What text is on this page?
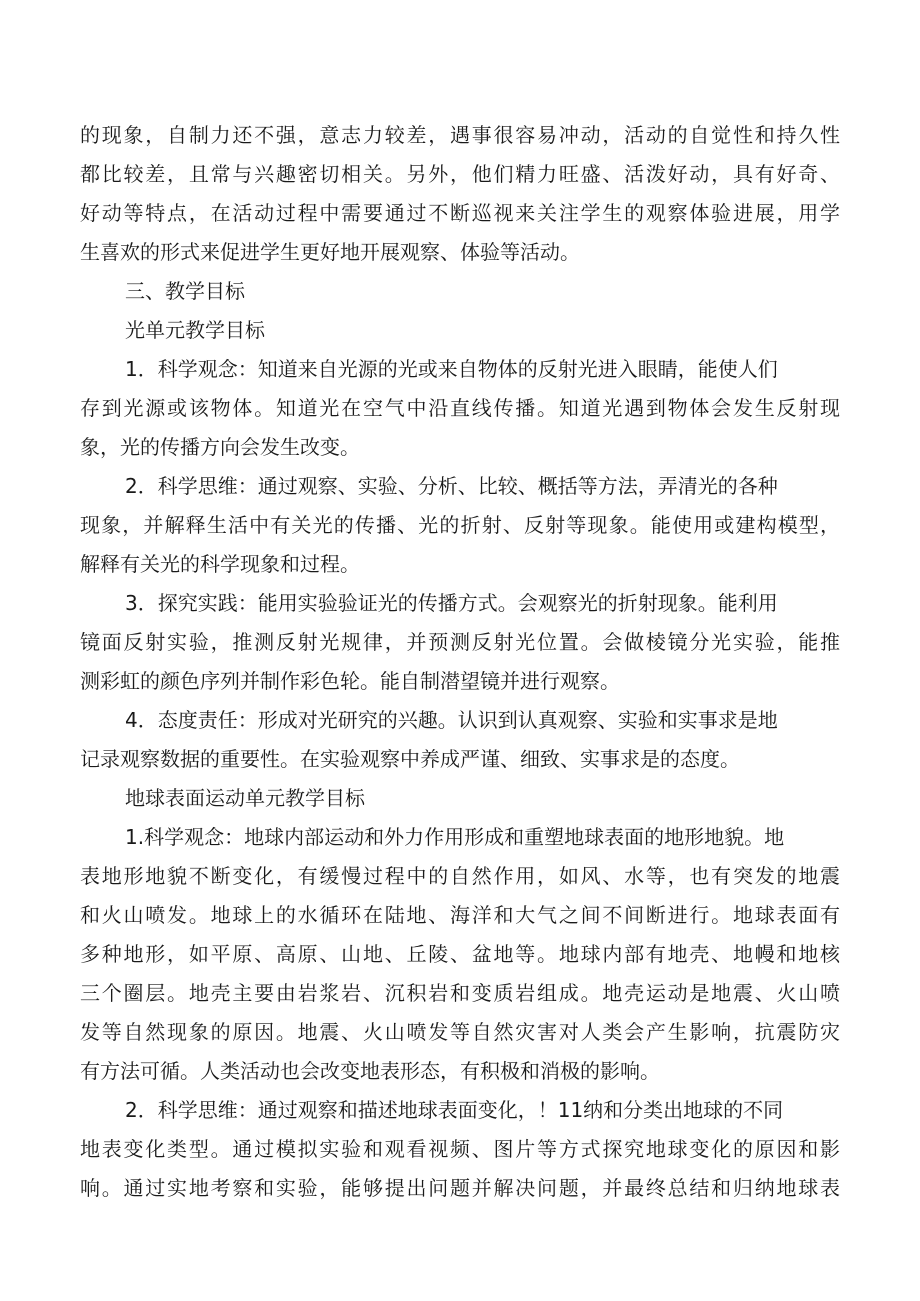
的现象，自制力还不强，意志力较差，遇事很容易冲动，活动的自觉性和持久性
都比较差，且常与兴趣密切相关。另外，他们精力旺盛、活泼好动，具有好奇、
好动等特点，在活动过程中需要通过不断巡视来关注学生的观察体验进展，用学
生喜欢的形式来促进学生更好地开展观察、体验等活动。
三、教学目标
光单元教学目标
1．科学观念：知道来自光源的光或来自物体的反射光进入眼睛，能使人们
存到光源或该物体。知道光在空气中沿直线传播。知道光遇到物体会发生反射现
象，光的传播方向会发生改变。
2．科学思维：通过观察、实验、分析、比较、概括等方法，弄清光的各种
现象，并解释生活中有关光的传播、光的折射、反射等现象。能使用或建构模型，
解释有关光的科学现象和过程。
3．探究实践：能用实验验证光的传播方式。会观察光的折射现象。能利用
镜面反射实验，推测反射光规律，并预测反射光位置。会做棱镜分光实验，能推
测彩虹的颜色序列并制作彩色轮。能自制潜望镜并进行观察。
4．态度责任：形成对光研究的兴趣。认识到认真观察、实验和实事求是地
记录观察数据的重要性。在实验观察中养成严谨、细致、实事求是的态度。
地球表面运动单元教学目标
1.科学观念：地球内部运动和外力作用形成和重塑地球表面的地形地貌。地
表地形地貌不断变化，有缓慢过程中的自然作用，如风、水等，也有突发的地震
和火山喷发。地球上的水循环在陆地、海洋和大气之间不间断进行。地球表面有
多种地形，如平原、高原、山地、丘陵、盆地等。地球内部有地壳、地幔和地核
三个圈层。地壳主要由岩浆岩、沉积岩和变质岩组成。地壳运动是地震、火山喷
发等自然现象的原因。地震、火山喷发等自然灾害对人类会产生影响，抗震防灾
有方法可循。人类活动也会改变地表形态，有积极和消极的影响。
2．科学思维：通过观察和描述地球表面变化，！11纳和分类出地球的不同
地表变化类型。通过模拟实验和观看视频、图片等方式探究地球变化的原因和影
响。通过实地考察和实验，能够提出问题并解决问题，并最终总结和归纳地球表
